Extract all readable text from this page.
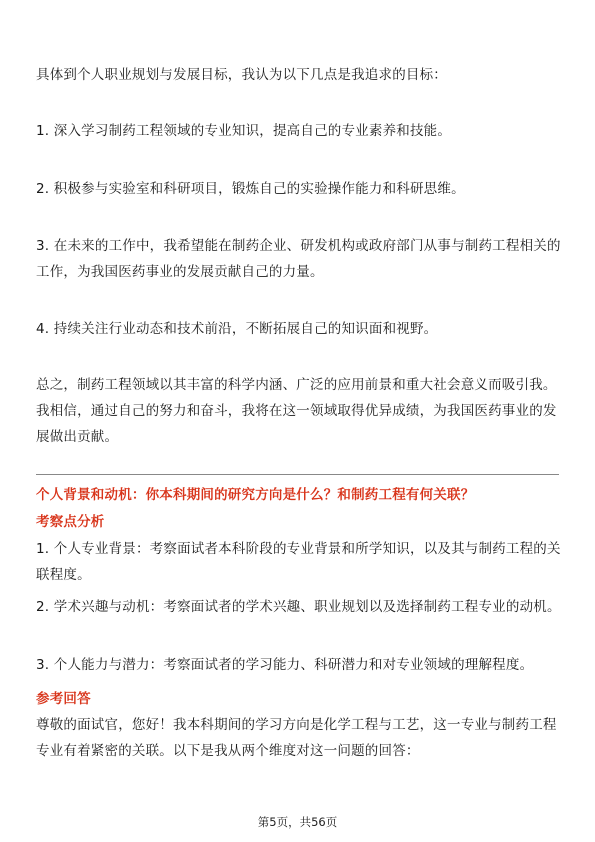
具体到个人职业规划与发展目标，我认为以下几点是我追求的目标：

1. 深入学习制药工程领域的专业知识，提高自己的专业素养和技能。

2. 积极参与实验室和科研项目，锻炼自己的实验操作能力和科研思维。

3. 在未来的工作中，我希望能在制药企业、研发机构或政府部门从事与制药工程相关的工作，为我国医药事业的发展贡献自己的力量。

4. 持续关注行业动态和技术前沿，不断拓展自己的知识面和视野。

总之，制药工程领域以其丰富的科学内涵、广泛的应用前景和重大社会意义而吸引我。我相信，通过自己的努力和奋斗，我将在这一领域取得优异成绩，为我国医药事业的发展做出贡献。

个人背景和动机：你本科期间的研究方向是什么？和制药工程有何关联？

考察点分析

1. 个人专业背景：考察面试者本科阶段的专业背景和所学知识，以及其与制药工程的关联程度。

2. 学术兴趣与动机：考察面试者的学术兴趣、职业规划以及选择制药工程专业的动机。

3. 个人能力与潜力：考察面试者的学习能力、科研潜力和对专业领域的理解程度。

参考回答

尊敬的面试官，您好！我本科期间的学习方向是化学工程与工艺，这一专业与制药工程专业有着紧密的关联。以下是我从两个维度对这一问题的回答：

第5页，共56页
